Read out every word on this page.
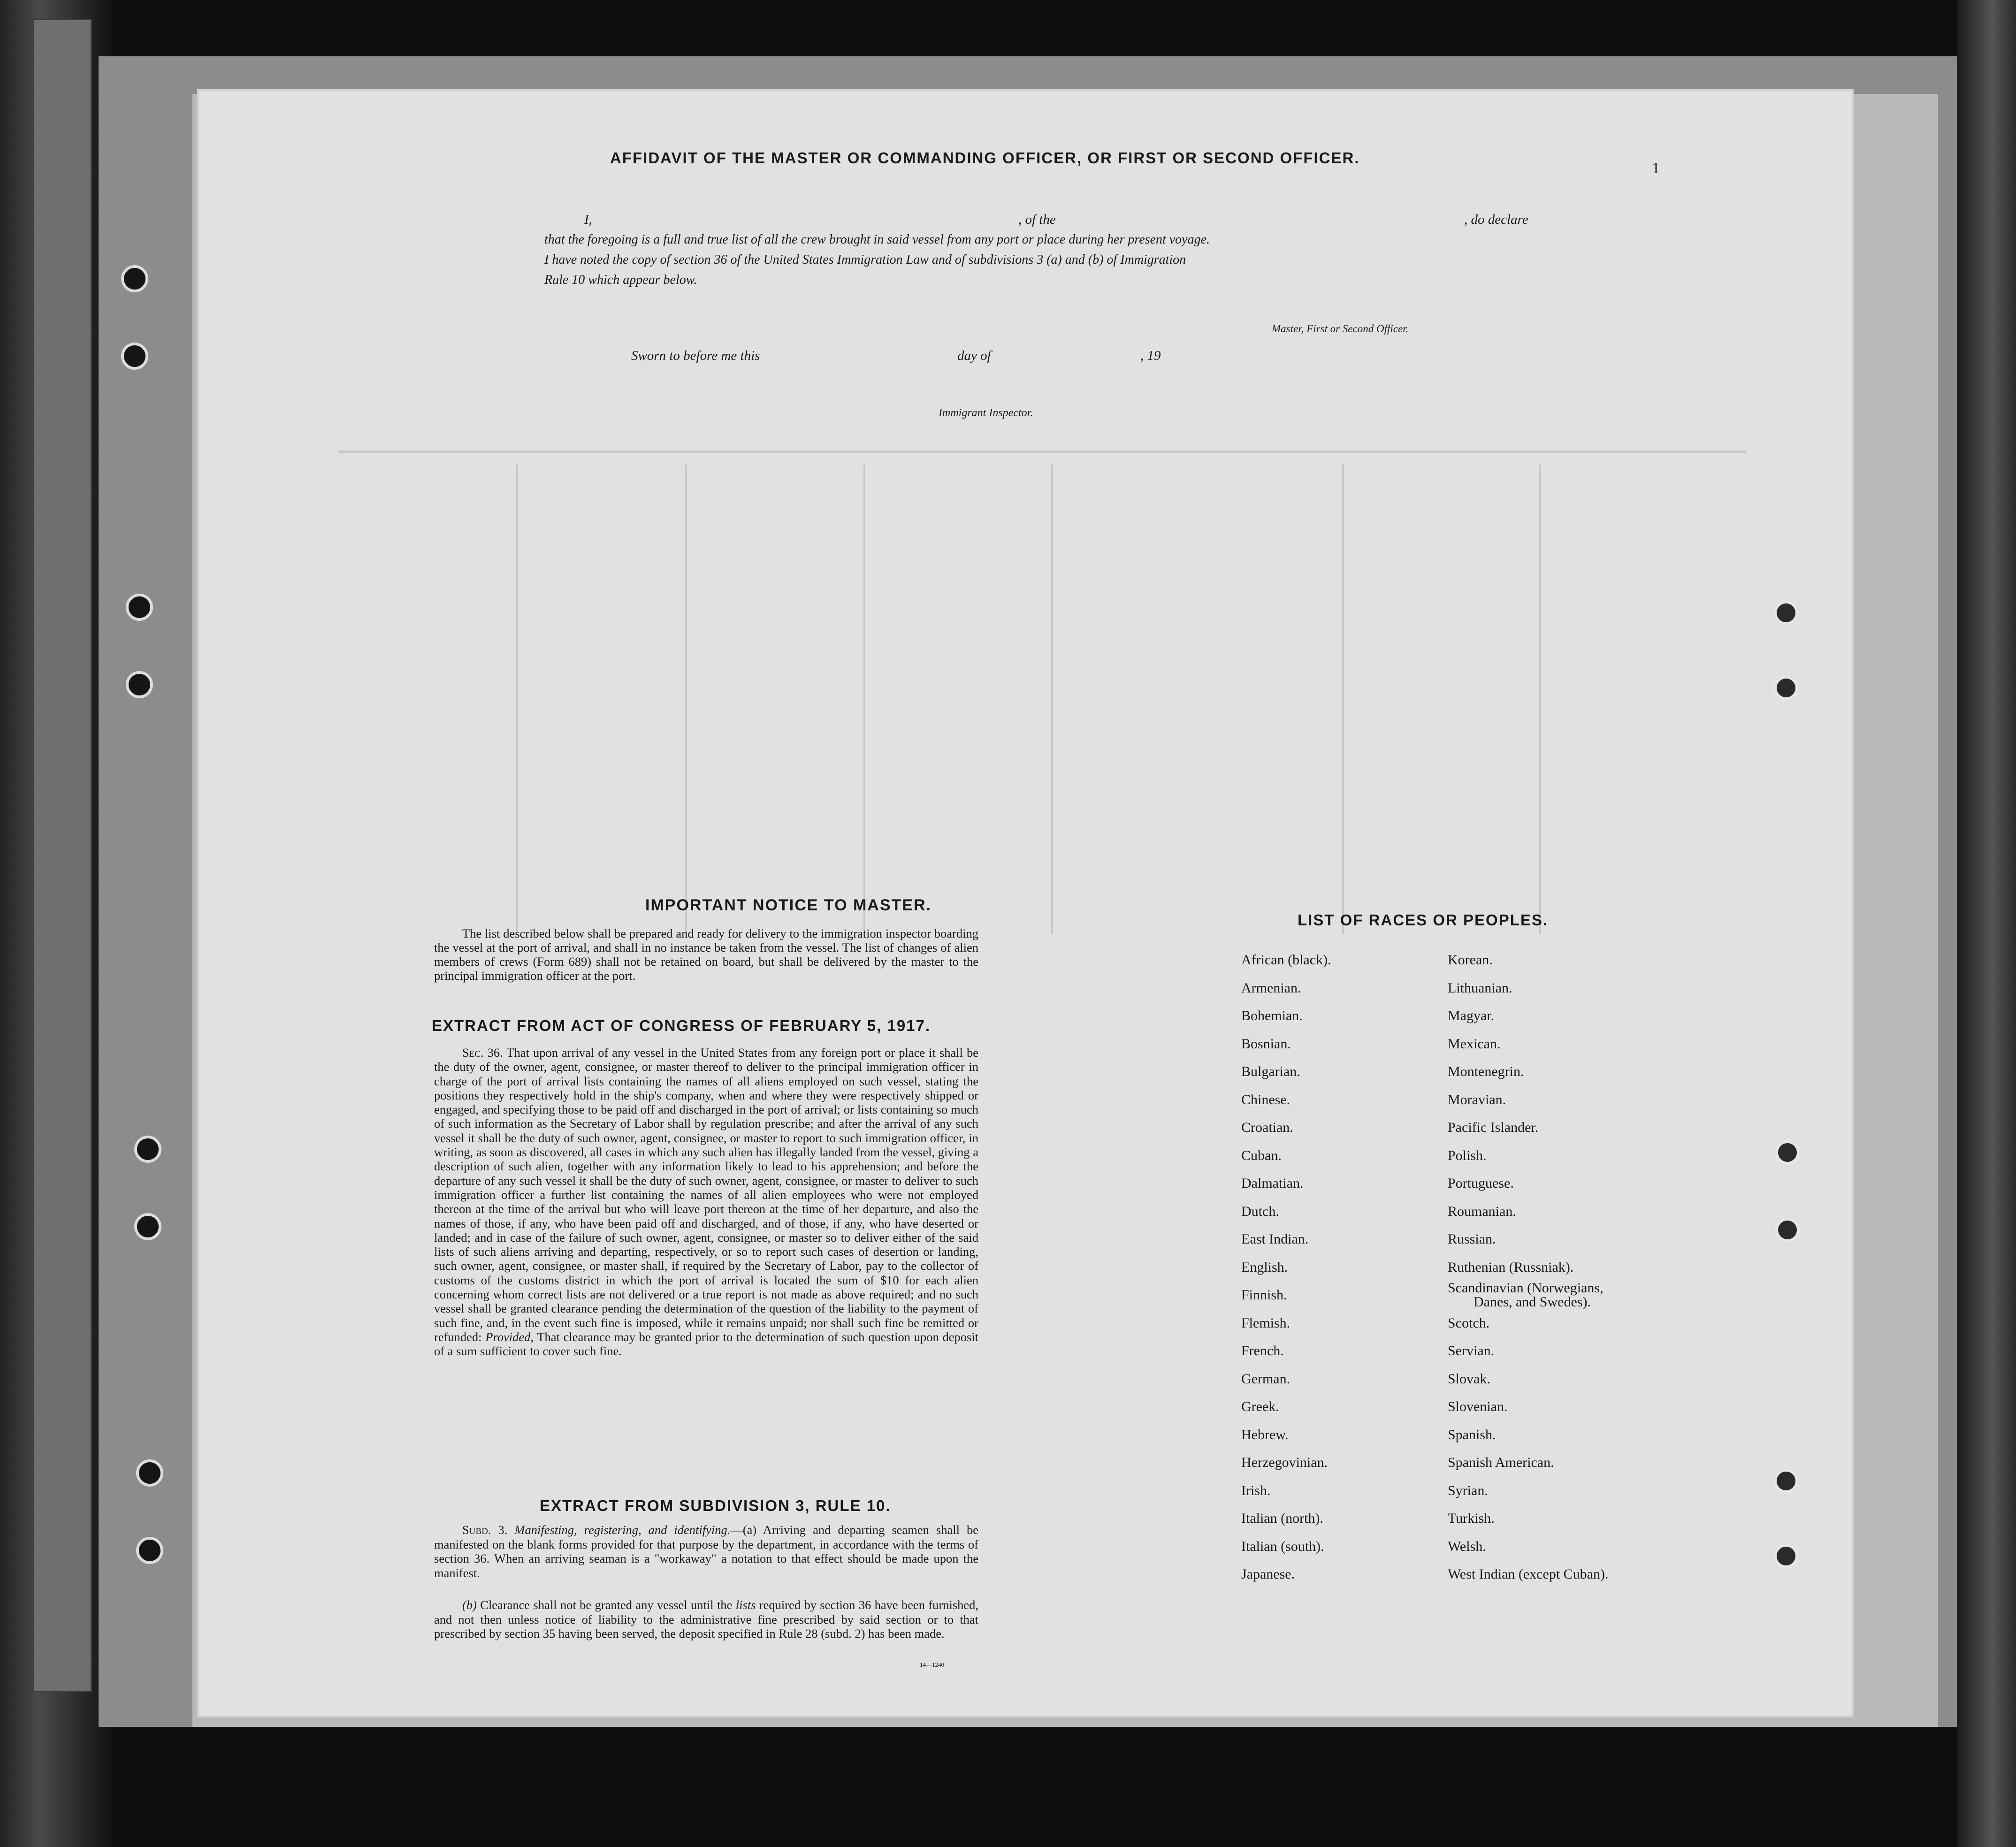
1
AFFIDAVIT OF THE MASTER OR COMMANDING OFFICER, OR FIRST OR SECOND OFFICER.
I,	, of the	, do declare
that the foregoing is a full and true list of all the crew brought in said vessel from any port or place during her present voyage.
I have noted the copy of section 36 of the United States Immigration Law and of subdivisions 3 (a) and (b) of Immigration
Rule 10 which appear below.
Master, First or Second Officer.
Sworn to before me this	day of	, 19
Immigrant Inspector.
IMPORTANT NOTICE TO MASTER.
The list described below shall be prepared and ready for delivery to the immigration inspector boarding the vessel at the port of arrival, and shall in no instance be taken from the vessel. The list of changes of alien members of crews (Form 689) shall not be retained on board, but shall be delivered by the master to the principal immigration officer at the port.
EXTRACT FROM ACT OF CONGRESS OF FEBRUARY 5, 1917.
Sec. 36. That upon arrival of any vessel in the United States from any foreign port or place it shall be the duty of the owner, agent, consignee, or master thereof to deliver to the principal immigration officer in charge of the port of arrival lists containing the names of all aliens employed on such vessel, stating the positions they respectively hold in the ship's company, when and where they were respectively shipped or engaged, and specifying those to be paid off and discharged in the port of arrival; or lists containing so much of such information as the Secretary of Labor shall by regulation prescribe; and after the arrival of any such vessel it shall be the duty of such owner, agent, consignee, or master to report to such immigration officer, in writing, as soon as discovered, all cases in which any such alien has illegally landed from the vessel, giving a description of such alien, together with any information likely to lead to his apprehension; and before the departure of any such vessel it shall be the duty of such owner, agent, consignee, or master to deliver to such immigration officer a further list containing the names of all alien employees who were not employed thereon at the time of the arrival but who will leave port thereon at the time of her departure, and also the names of those, if any, who have been paid off and discharged, and of those, if any, who have deserted or landed; and in case of the failure of such owner, agent, consignee, or master so to deliver either of the said lists of such aliens arriving and departing, respectively, or so to report such cases of desertion or landing, such owner, agent, consignee, or master shall, if required by the Secretary of Labor, pay to the collector of customs of the customs district in which the port of arrival is located the sum of $10 for each alien concerning whom correct lists are not delivered or a true report is not made as above required; and no such vessel shall be granted clearance pending the determination of the question of the liability to the payment of such fine, and, in the event such fine is imposed, while it remains unpaid; nor shall such fine be remitted or refunded: Provided, That clearance may be granted prior to the determination of such question upon deposit of a sum sufficient to cover such fine.
EXTRACT FROM SUBDIVISION 3, RULE 10.
Subd. 3. Manifesting, registering, and identifying.—(a) Arriving and departing seamen shall be manifested on the blank forms provided for that purpose by the department, in accordance with the terms of section 36. When an arriving seaman is a "workaway" a notation to that effect should be made upon the manifest.
(b) Clearance shall not be granted any vessel until the lists required by section 36 have been furnished, and not then unless notice of liability to the administrative fine prescribed by said section or to that prescribed by section 35 having been served, the deposit specified in Rule 28 (subd. 2) has been made.
14—1240
LIST OF RACES OR PEOPLES.
African (black).
Armenian.
Bohemian.
Bosnian.
Bulgarian.
Chinese.
Croatian.
Cuban.
Dalmatian.
Dutch.
East Indian.
English.
Finnish.
Flemish.
French.
German.
Greek.
Hebrew.
Herzegovinian.
Irish.
Italian (north).
Italian (south).
Japanese.
Korean.
Lithuanian.
Magyar.
Mexican.
Montenegrin.
Moravian.
Pacific Islander.
Polish.
Portuguese.
Roumanian.
Russian.
Ruthenian (Russniak).
Scandinavian (Norwegians,
Danes, and Swedes).
Scotch.
Servian.
Slovak.
Slovenian.
Spanish.
Spanish American.
Syrian.
Turkish.
Welsh.
West Indian (except Cuban).
